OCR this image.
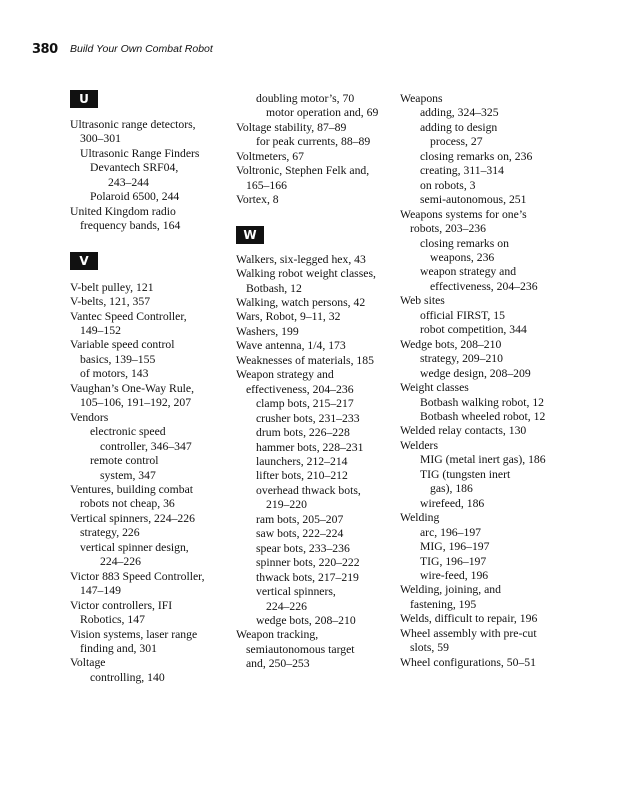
380 Build Your Own Combat Robot
U
Ultrasonic range detectors,
300–301
Ultrasonic Range Finders
Devantech SRF04,
243–244
Polaroid 6500, 244
United Kingdom radio
frequency bands, 164
V
V-belt pulley, 121
V-belts, 121, 357
Vantec Speed Controller,
149–152
Variable speed control
basics, 139–155
of motors, 143
Vaughan’s One-Way Rule,
105–106, 191–192, 207
Vendors
electronic speed
controller, 346–347
remote control
system, 347
Ventures, building combat
robots not cheap, 36
Vertical spinners, 224–226
strategy, 226
vertical spinner design,
224–226
Victor 883 Speed Controller,
147–149
Victor controllers, IFI
Robotics, 147
Vision systems, laser range
finding and, 301
Voltage
controlling, 140
doubling motor’s, 70
motor operation and, 69
Voltage stability, 87–89
for peak currents, 88–89
Voltmeters, 67
Voltronic, Stephen Felk and,
165–166
Vortex, 8
W
Walkers, six-legged hex, 43
Walking robot weight classes,
Botbash, 12
Walking, watch persons, 42
Wars, Robot, 9–11, 32
Washers, 199
Wave antenna, 1/4, 173
Weaknesses of materials, 185
Weapon strategy and
effectiveness, 204–236
clamp bots, 215–217
crusher bots, 231–233
drum bots, 226–228
hammer bots, 228–231
launchers, 212–214
lifter bots, 210–212
overhead thwack bots,
219–220
ram bots, 205–207
saw bots, 222–224
spear bots, 233–236
spinner bots, 220–222
thwack bots, 217–219
vertical spinners,
224–226
wedge bots, 208–210
Weapon tracking,
semiautonomous target
and, 250–253
Weapons
adding, 324–325
adding to design
process, 27
closing remarks on, 236
creating, 311–314
on robots, 3
semi-autonomous, 251
Weapons systems for one’s
robots, 203–236
closing remarks on
weapons, 236
weapon strategy and
effectiveness, 204–236
Web sites
official FIRST, 15
robot competition, 344
Wedge bots, 208–210
strategy, 209–210
wedge design, 208–209
Weight classes
Botbash walking robot, 12
Botbash wheeled robot, 12
Welded relay contacts, 130
Welders
MIG (metal inert gas), 186
TIG (tungsten inert
gas), 186
wirefeed, 186
Welding
arc, 196–197
MIG, 196–197
TIG, 196–197
wire-feed, 196
Welding, joining, and
fastening, 195
Welds, difficult to repair, 196
Wheel assembly with pre-cut
slots, 59
Wheel configurations, 50–51
